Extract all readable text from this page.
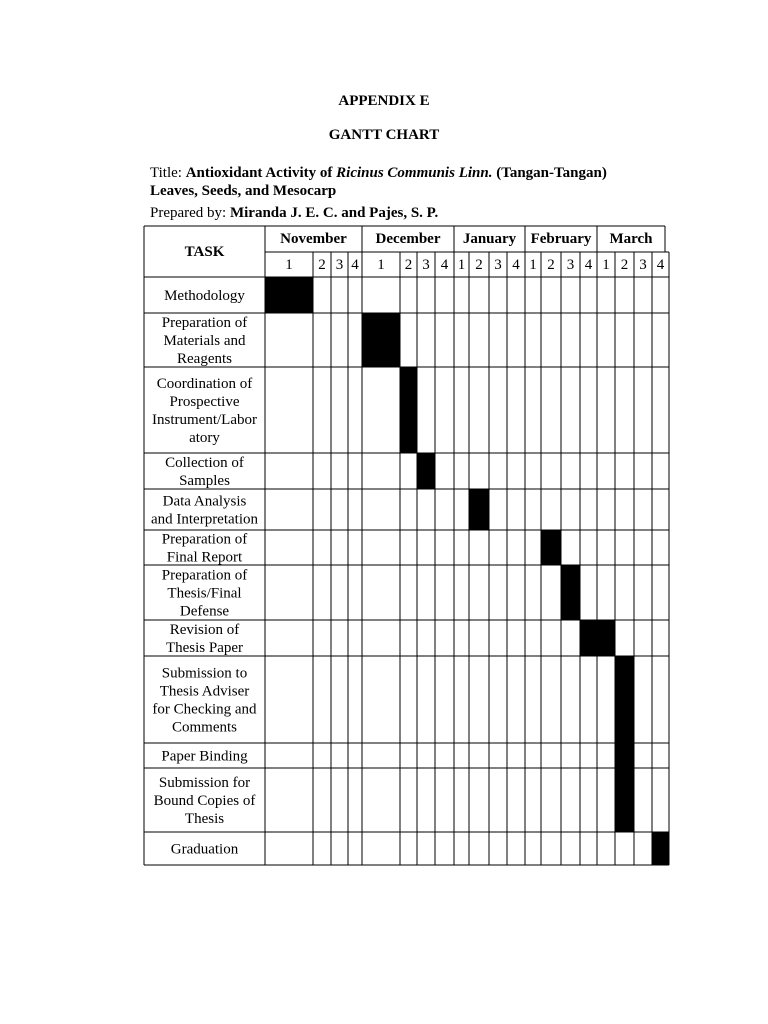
APPENDIX E
GANTT CHART
Title: Antioxidant Activity of Ricinus Communis Linn. (Tangan-Tangan)
Leaves, Seeds, and Mesocarp
Prepared by: Miranda J. E. C. and Pajes, S. P.
TASK
November
1 2 3 4
December
1 2 3 4
January
1 2 3 4
February
1 2 3 4
March
1 2 3 4
Methodology
Preparation of
Materials and
Reagents
Coordination of
Prospective
Instrument/Labor
atory
Collection of
Samples
Data Analysis
and Interpretation
Preparation of
Final Report
Preparation of
Thesis/Final
Defense
Revision of
Thesis Paper
Submission to
Thesis Adviser
for Checking and
Comments
Paper Binding
Submission for
Bound Copies of
Thesis
Graduation
